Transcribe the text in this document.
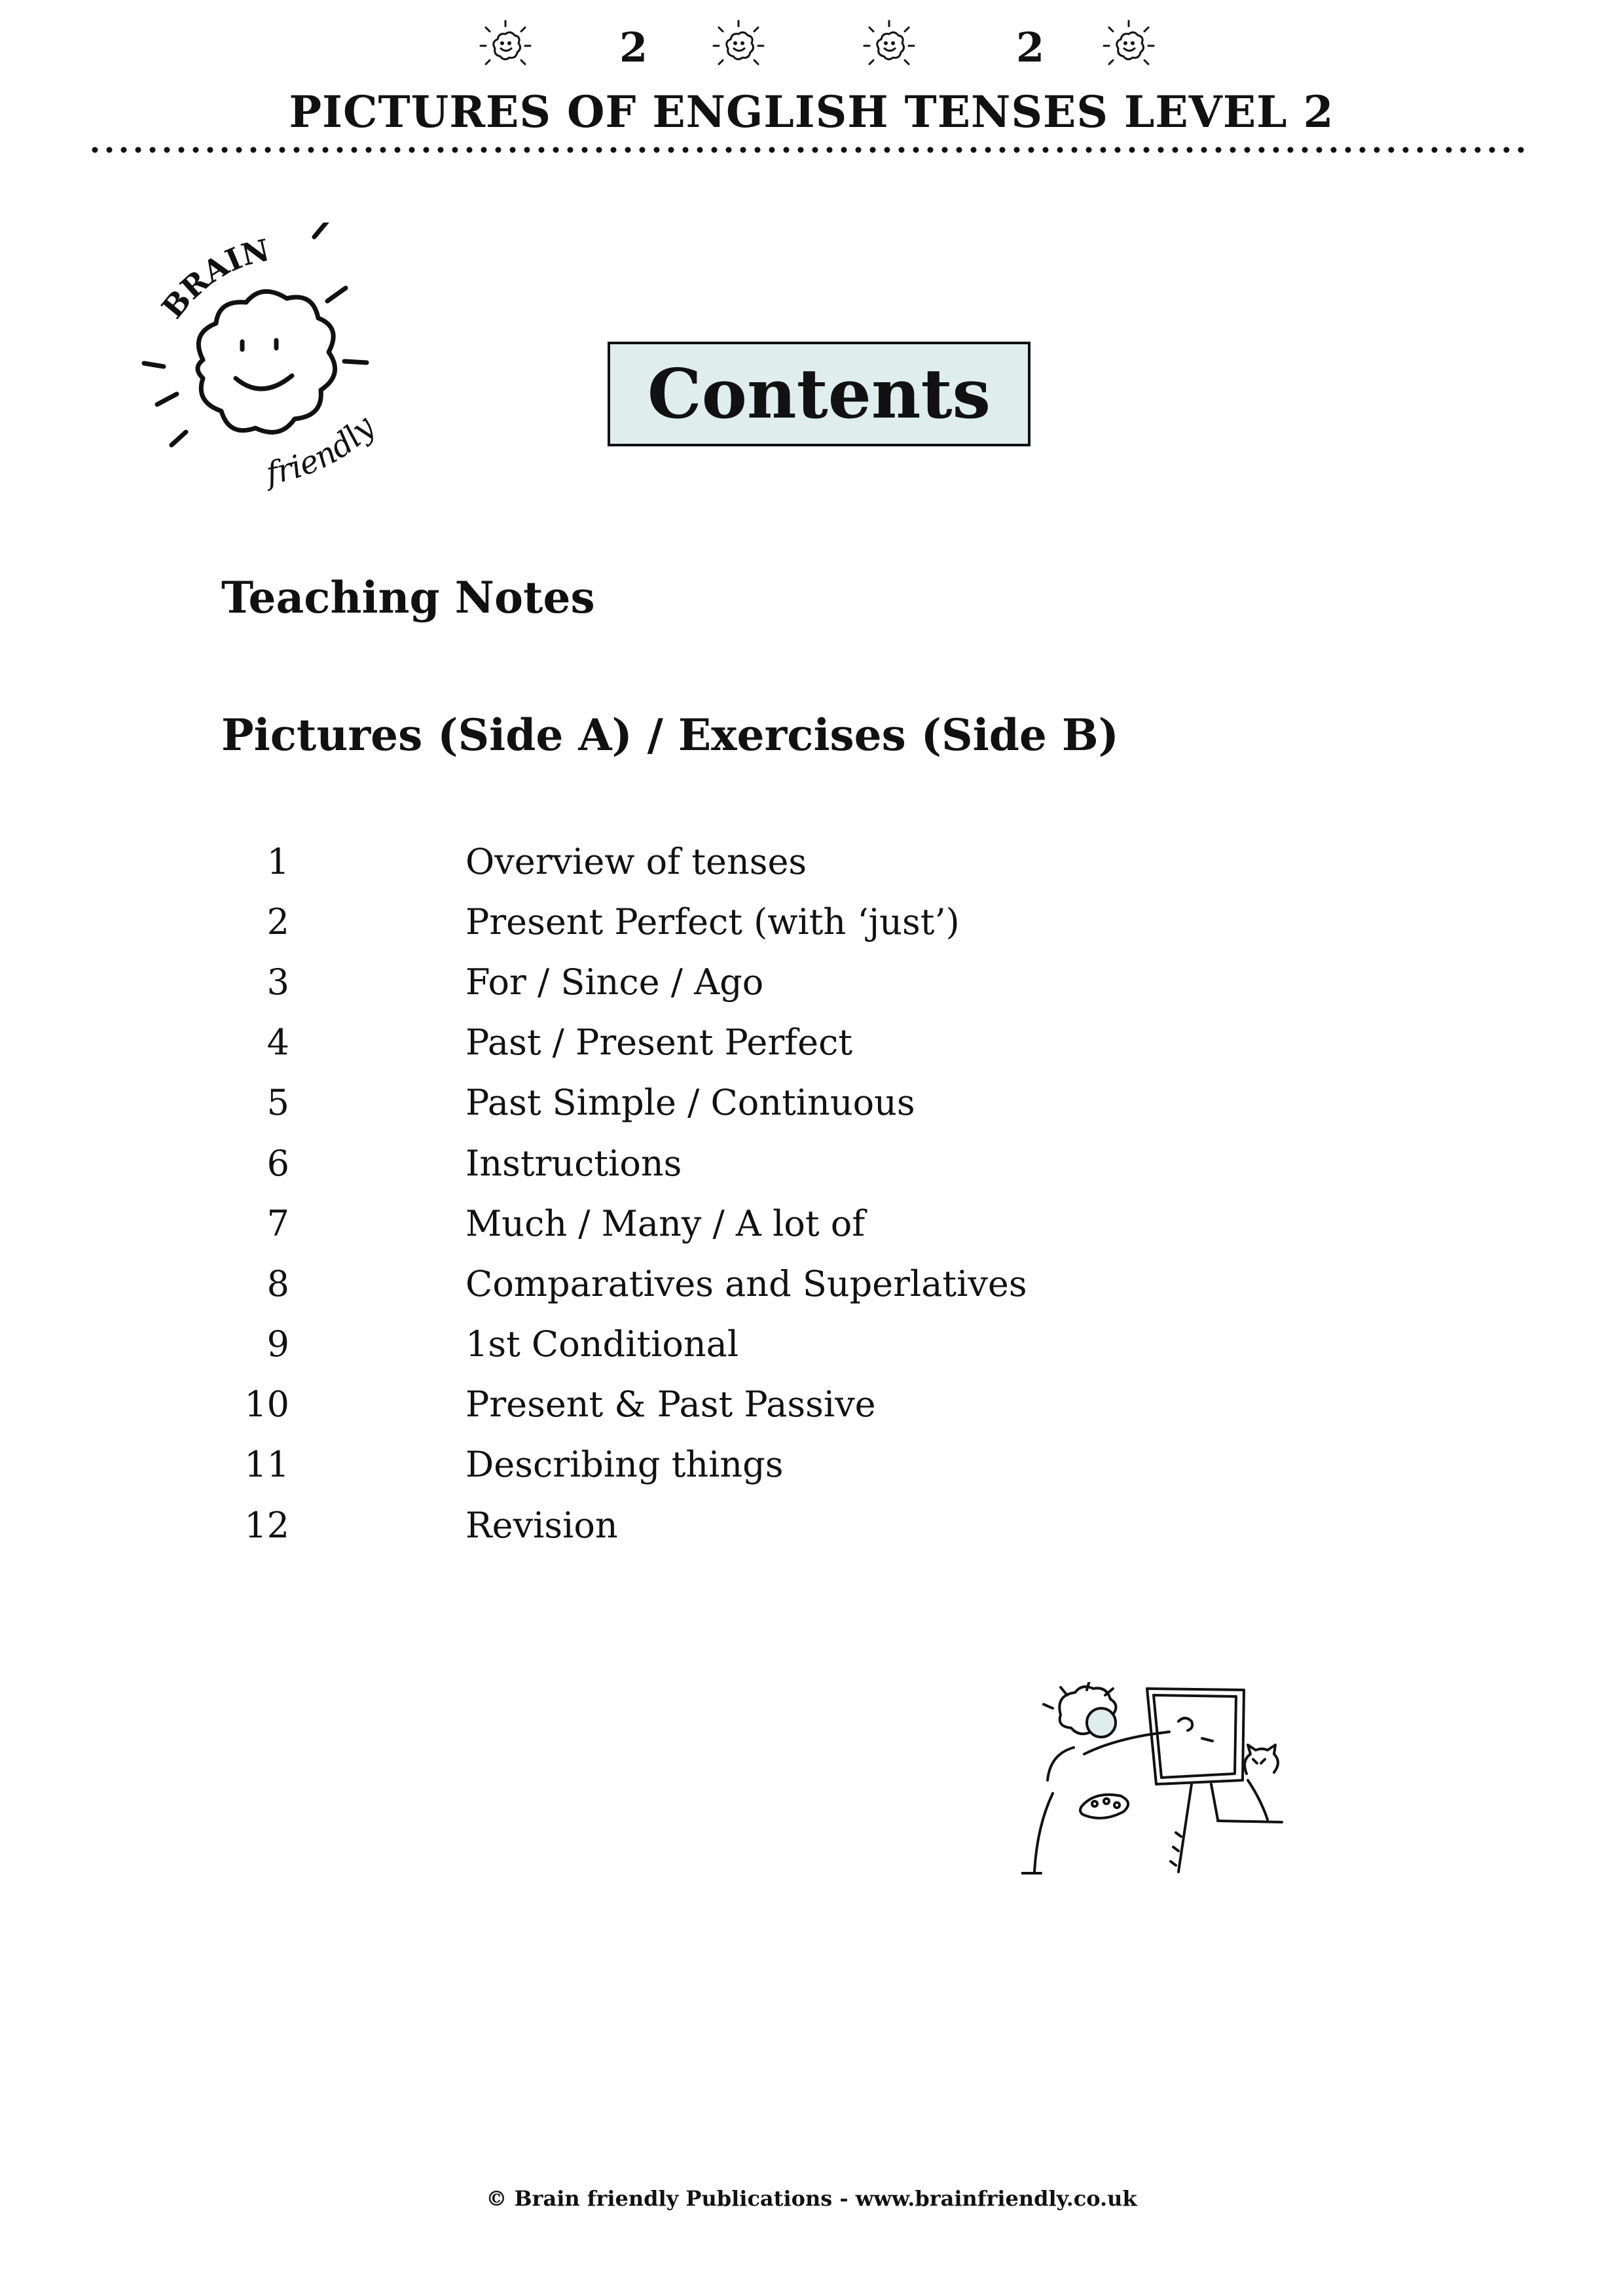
2	2
PICTURES OF ENGLISH TENSES LEVEL 2
BRAIN
friendly	Contents
Teaching Notes
Pictures (Side A) / Exercises (Side B)
1	Overview of tenses
2	Present Perfect (with ‘just’)
3	For / Since / Ago
4	Past / Present Perfect
5	Past Simple / Continuous
6	Instructions
7	Much / Many / A lot of
8	Comparatives and Superlatives
9	1st Conditional
10	Present & Past Passive
11	Describing things
12	Revision
© Brain friendly Publications - www.brainfriendly.co.uk
